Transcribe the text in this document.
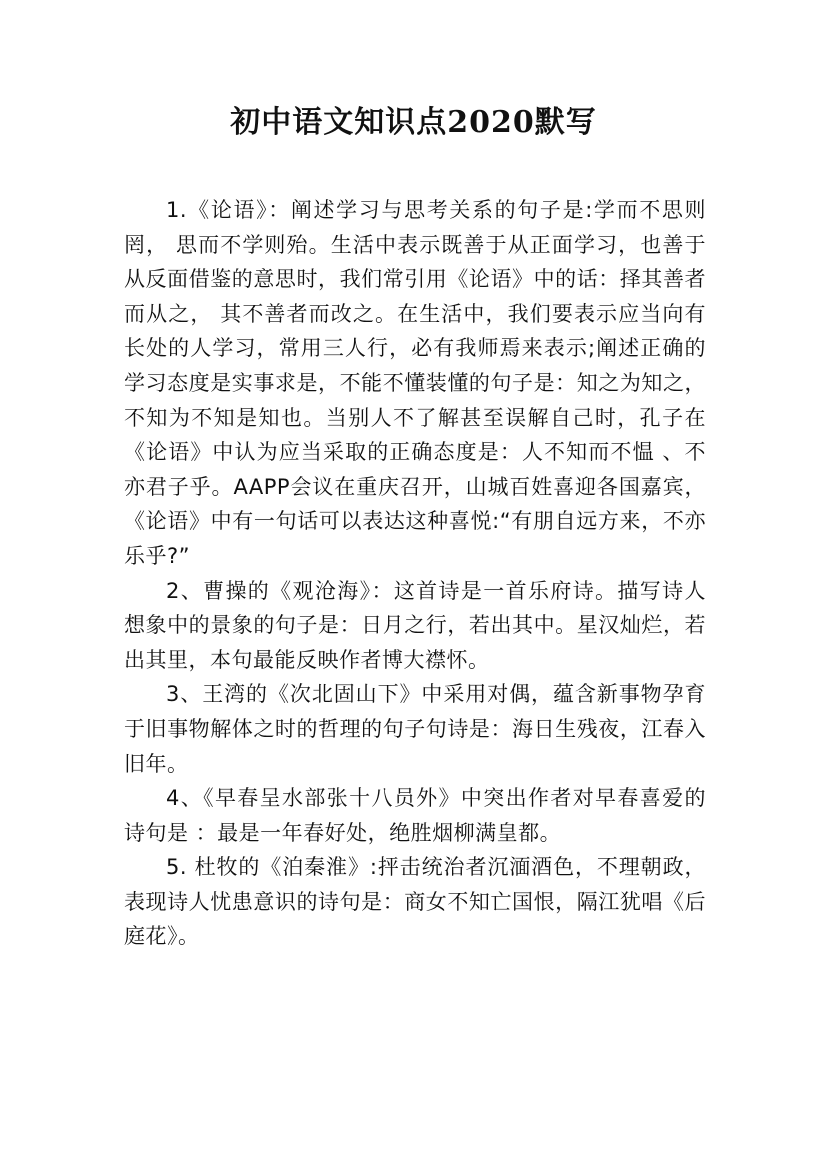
初中语文知识点2020默写

1.《论语》：阐述学习与思考关系的句子是:学而不思则罔， 思而不学则殆。生活中表示既善于从正面学习，也善于从反面借鉴的意思时，我们常引用《论语》中的话：择其善者而从之， 其不善者而改之。在生活中，我们要表示应当向有长处的人学习，常用三人行，必有我师焉来表示;阐述正确的学习态度是实事求是，不能不懂装懂的句子是：知之为知之，不知为不知是知也。当别人不了解甚至误解自己时，孔子在《论语》中认为应当采取的正确态度是：人不知而不愠 、不亦君子乎。AAPP会议在重庆召开，山城百姓喜迎各国嘉宾，《论语》中有一句话可以表达这种喜悦:“有朋自远方来，不亦乐乎?”

2、曹操的《观沧海》：这首诗是一首乐府诗。描写诗人想象中的景象的句子是：日月之行，若出其中。星汉灿烂，若出其里，本句最能反映作者博大襟怀。

3、王湾的《次北固山下》中采用对偶，蕴含新事物孕育于旧事物解体之时的哲理的句子句诗是：海日生残夜，江春入旧年。

4、《早春呈水部张十八员外》中突出作者对早春喜爱的诗句是 ：最是一年春好处，绝胜烟柳满皇都。

5. 杜牧的《泊秦淮》:抨击统治者沉湎酒色，不理朝政，表现诗人忧患意识的诗句是：商女不知亡国恨，隔江犹唱《后庭花》。
